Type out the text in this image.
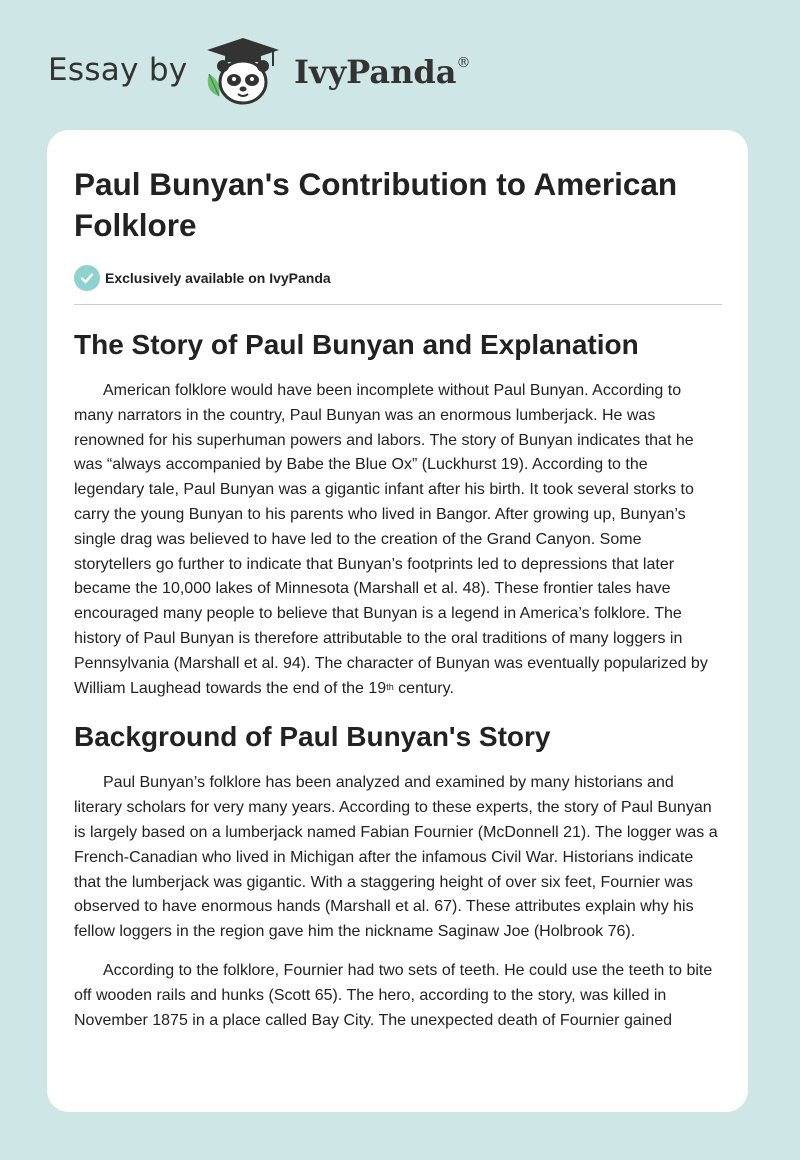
Essay by	IvyPanda®
Paul Bunyan's Contribution to American Folklore
Exclusively available on IvyPanda
The Story of Paul Bunyan and Explanation

American folklore would have been incomplete without Paul Bunyan. According to many narrators in the country, Paul Bunyan was an enormous lumberjack. He was renowned for his superhuman powers and labors. The story of Bunyan indicates that he was “always accompanied by Babe the Blue Ox” (Luckhurst 19). According to the legendary tale, Paul Bunyan was a gigantic infant after his birth. It took several storks to carry the young Bunyan to his parents who lived in Bangor. After growing up, Bunyan’s single drag was believed to have led to the creation of the Grand Canyon. Some storytellers go further to indicate that Bunyan’s footprints led to depressions that later became the 10,000 lakes of Minnesota (Marshall et al. 48). These frontier tales have encouraged many people to believe that Bunyan is a legend in America’s folklore. The history of Paul Bunyan is therefore attributable to the oral traditions of many loggers in Pennsylvania (Marshall et al. 94). The character of Bunyan was eventually popularized by William Laughead towards the end of the 19th century.

Background of Paul Bunyan's Story

Paul Bunyan’s folklore has been analyzed and examined by many historians and literary scholars for very many years. According to these experts, the story of Paul Bunyan is largely based on a lumberjack named Fabian Fournier (McDonnell 21). The logger was a French-Canadian who lived in Michigan after the infamous Civil War. Historians indicate that the lumberjack was gigantic. With a staggering height of over six feet, Fournier was observed to have enormous hands (Marshall et al. 67). These attributes explain why his fellow loggers in the region gave him the nickname Saginaw Joe (Holbrook 76).

According to the folklore, Fournier had two sets of teeth. He could use the teeth to bite off wooden rails and hunks (Scott 65). The hero, according to the story, was killed in November 1875 in a place called Bay City. The unexpected death of Fournier gained
